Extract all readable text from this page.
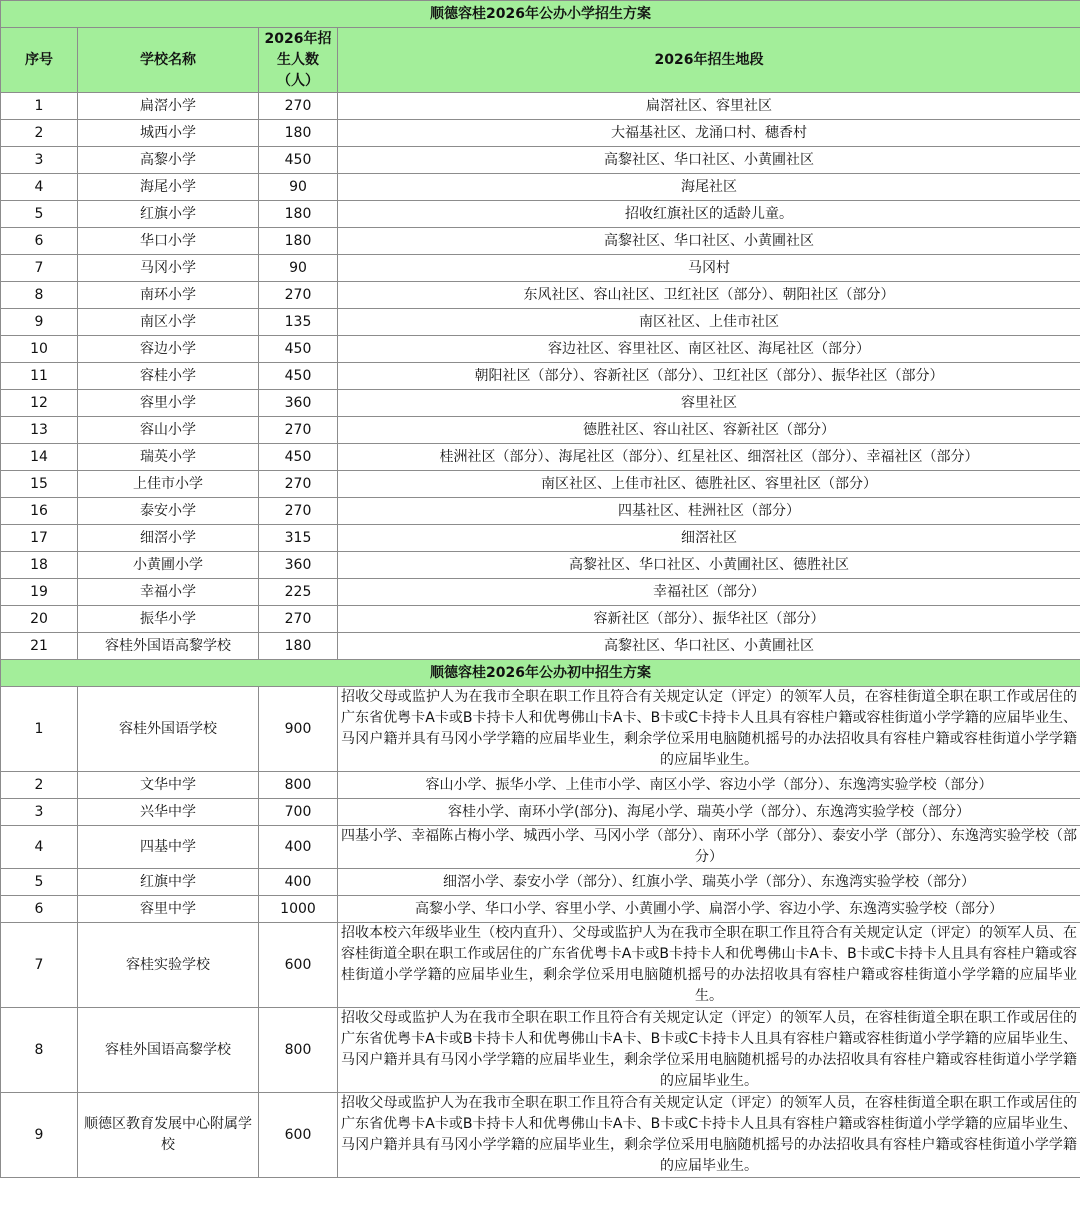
顺德容桂2026年公办小学招生方案			
序号	学校名称	2026年招生人数（人）	2026年招生地段
1	扁滘小学	270	扁滘社区、容里社区
2	城西小学	180	大福基社区、龙涌口村、穗香村
3	高黎小学	450	高黎社区、华口社区、小黄圃社区
4	海尾小学	90	海尾社区
5	红旗小学	180	招收红旗社区的适龄儿童。
6	华口小学	180	高黎社区、华口社区、小黄圃社区
7	马冈小学	90	马冈村
8	南环小学	270	东风社区、容山社区、卫红社区（部分）、朝阳社区（部分）
9	南区小学	135	南区社区、上佳市社区
10	容边小学	450	容边社区、容里社区、南区社区、海尾社区（部分）
11	容桂小学	450	朝阳社区（部分）、容新社区（部分）、卫红社区（部分）、振华社区（部分）
12	容里小学	360	容里社区
13	容山小学	270	德胜社区、容山社区、容新社区（部分）
14	瑞英小学	450	桂洲社区（部分）、海尾社区（部分）、红星社区、细滘社区（部分）、幸福社区（部分）
15	上佳市小学	270	南区社区、上佳市社区、德胜社区、容里社区（部分）
16	泰安小学	270	四基社区、桂洲社区（部分）
17	细滘小学	315	细滘社区
18	小黄圃小学	360	高黎社区、华口社区、小黄圃社区、德胜社区
19	幸福小学	225	幸福社区（部分）
20	振华小学	270	容新社区（部分）、振华社区（部分）
21	容桂外国语高黎学校	180	高黎社区、华口社区、小黄圃社区
顺德容桂2026年公办初中招生方案			
1	容桂外国语学校	900	招收父母或监护人为在我市全职在职工作且符合有关规定认定（评定）的领军人员，在容桂街道全职在职工作或居住的广东省优粤卡A卡或B卡持卡人和优粤佛山卡A卡、B卡或C卡持卡人且具有容桂户籍或容桂街道小学学籍的应届毕业生、马冈户籍并具有马冈小学学籍的应届毕业生，剩余学位采用电脑随机摇号的办法招收具有容桂户籍或容桂街道小学学籍的应届毕业生。
2	文华中学	800	容山小学、振华小学、上佳市小学、南区小学、容边小学（部分）、东逸湾实验学校（部分）
3	兴华中学	700	容桂小学、南环小学(部分)、海尾小学、瑞英小学（部分）、东逸湾实验学校（部分）
4	四基中学	400	四基小学、幸福陈占梅小学、城西小学、马冈小学（部分）、南环小学（部分）、泰安小学（部分）、东逸湾实验学校（部分）
5	红旗中学	400	细滘小学、泰安小学（部分）、红旗小学、瑞英小学（部分）、东逸湾实验学校（部分）
6	容里中学	1000	高黎小学、华口小学、容里小学、小黄圃小学、扁滘小学、容边小学、东逸湾实验学校（部分）
7	容桂实验学校	600	招收本校六年级毕业生（校内直升）、父母或监护人为在我市全职在职工作且符合有关规定认定（评定）的领军人员、在容桂街道全职在职工作或居住的广东省优粤卡A卡或B卡持卡人和优粤佛山卡A卡、B卡或C卡持卡人且具有容桂户籍或容桂街道小学学籍的应届毕业生，剩余学位采用电脑随机摇号的办法招收具有容桂户籍或容桂街道小学学籍的应届毕业生。
8	容桂外国语高黎学校	800	招收父母或监护人为在我市全职在职工作且符合有关规定认定（评定）的领军人员，在容桂街道全职在职工作或居住的广东省优粤卡A卡或B卡持卡人和优粤佛山卡A卡、B卡或C卡持卡人且具有容桂户籍或容桂街道小学学籍的应届毕业生、马冈户籍并具有马冈小学学籍的应届毕业生，剩余学位采用电脑随机摇号的办法招收具有容桂户籍或容桂街道小学学籍的应届毕业生。
9	顺德区教育发展中心附属学校	600	招收父母或监护人为在我市全职在职工作且符合有关规定认定（评定）的领军人员，在容桂街道全职在职工作或居住的广东省优粤卡A卡或B卡持卡人和优粤佛山卡A卡、B卡或C卡持卡人且具有容桂户籍或容桂街道小学学籍的应届毕业生、马冈户籍并具有马冈小学学籍的应届毕业生，剩余学位采用电脑随机摇号的办法招收具有容桂户籍或容桂街道小学学籍的应届毕业生。
